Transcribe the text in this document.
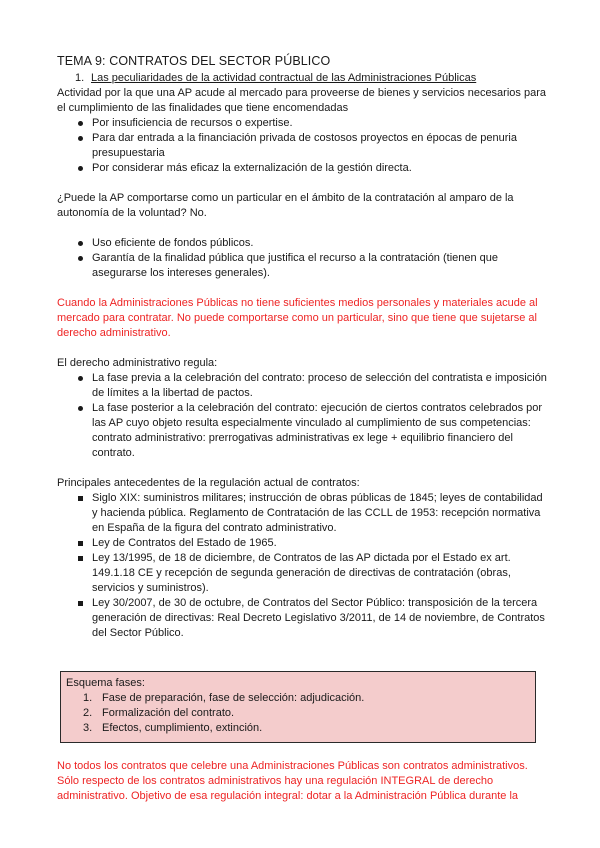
TEMA 9: CONTRATOS DEL SECTOR PÚBLICO
1. Las peculiaridades de la actividad contractual de las Administraciones Públicas

Actividad por la que una AP acude al mercado para proveerse de bienes y servicios necesarios para el cumplimiento de las finalidades que tiene encomendadas

Por insuficiencia de recursos o expertise.
Para dar entrada a la financiación privada de costosos proyectos en épocas de penuria presupuestaria
Por considerar más eficaz la externalización de la gestión directa.

¿Puede la AP comportarse como un particular en el ámbito de la contratación al amparo de la autonomía de la voluntad? No.

Uso eficiente de fondos públicos.
Garantía de la finalidad pública que justifica el recurso a la contratación (tienen que asegurarse los intereses generales).

Cuando la Administraciones Públicas no tiene suficientes medios personales y materiales acude al mercado para contratar. No puede comportarse como un particular, sino que tiene que sujetarse al derecho administrativo.

El derecho administrativo regula:

La fase previa a la celebración del contrato: proceso de selección del contratista e imposición de límites a la libertad de pactos.
La fase posterior a la celebración del contrato: ejecución de ciertos contratos celebrados por las AP cuyo objeto resulta especialmente vinculado al cumplimiento de sus competencias: contrato administrativo: prerrogativas administrativas ex lege + equilibrio financiero del contrato.

Principales antecedentes de la regulación actual de contratos:

Siglo XIX: suministros militares; instrucción de obras públicas de 1845; leyes de contabilidad y hacienda pública. Reglamento de Contratación de las CCLL de 1953: recepción normativa en España de la figura del contrato administrativo.
Ley de Contratos del Estado de 1965.
Ley 13/1995, de 18 de diciembre, de Contratos de las AP dictada por el Estado ex art. 149.1.18 CE y recepción de segunda generación de directivas de contratación (obras, servicios y suministros).
Ley 30/2007, de 30 de octubre, de Contratos del Sector Público: transposición de la tercera generación de directivas: Real Decreto Legislativo 3/2011, de 14 de noviembre, de Contratos del Sector Público.
Esquema fases:
1. Fase de preparación, fase de selección: adjudicación.
2. Formalización del contrato.
3. Efectos, cumplimiento, extinción.

No todos los contratos que celebre una Administraciones Públicas son contratos administrativos. Sólo respecto de los contratos administrativos hay una regulación INTEGRAL de derecho administrativo. Objetivo de esa regulación integral: dotar a la Administración Pública durante la
